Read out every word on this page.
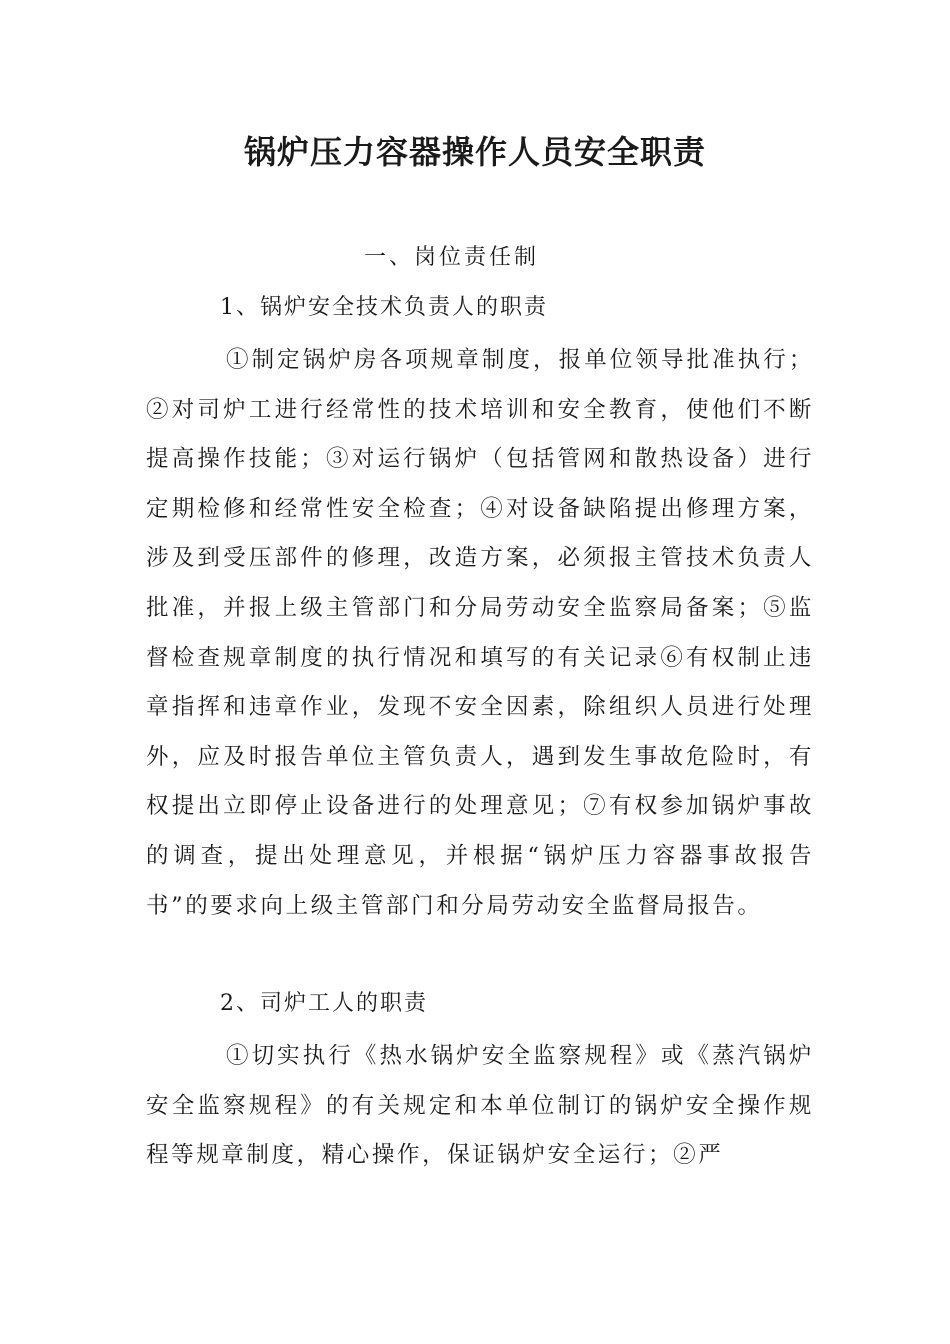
锅炉压力容器操作人员安全职责
一、岗位责任制
1、锅炉安全技术负责人的职责

①制定锅炉房各项规章制度，报单位领导批准执行；②对司炉工进行经常性的技术培训和安全教育，使他们不断提高操作技能；③对运行锅炉（包括管网和散热设备）进行定期检修和经常性安全检查；④对设备缺陷提出修理方案，涉及到受压部件的修理，改造方案，必须报主管技术负责人批准，并报上级主管部门和分局劳动安全监察局备案；⑤监督检查规章制度的执行情况和填写的有关记录⑥有权制止违章指挥和违章作业，发现不安全因素，除组织人员进行处理外，应及时报告单位主管负责人，遇到发生事故危险时，有权提出立即停止设备进行的处理意见；⑦有权参加锅炉事故的调查，提出处理意见，并根据“锅炉压力容器事故报告书”的要求向上级主管部门和分局劳动安全监督局报告。

2、司炉工人的职责

①切实执行《热水锅炉安全监察规程》或《蒸汽锅炉安全监察规程》的有关规定和本单位制订的锅炉安全操作规程等规章制度，精心操作，保证锅炉安全运行；②严
